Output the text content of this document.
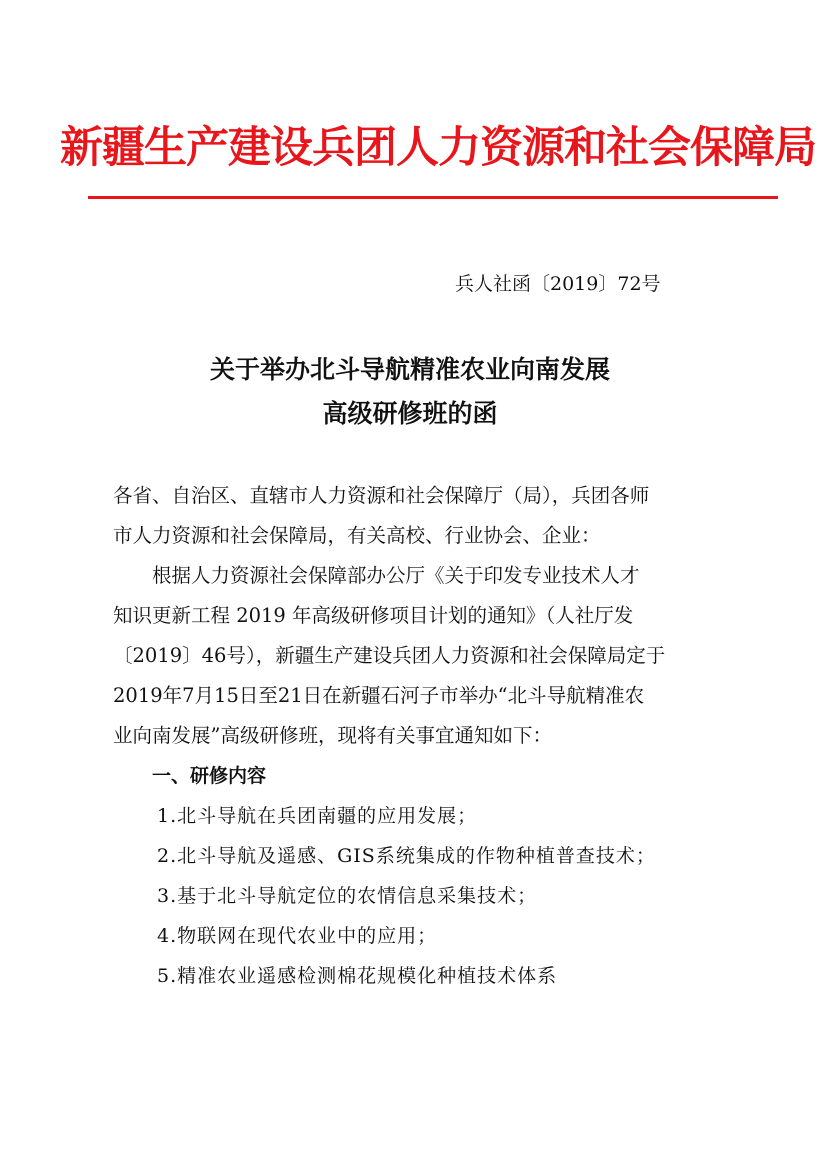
新疆生产建设兵团人力资源和社会保障局
兵人社函〔2019〕72号
关于举办北斗导航精准农业向南发展
高级研修班的函
各省、自治区、直辖市人力资源和社会保障厅（局），兵团各师
市人力资源和社会保障局，有关高校、行业协会、企业：
根据人力资源社会保障部办公厅《关于印发专业技术人才
知识更新工程 2019 年高级研修项目计划的通知》（人社厅发
〔2019〕46号），新疆生产建设兵团人力资源和社会保障局定于
2019年7月15日至21日在新疆石河子市举办“北斗导航精准农
业向南发展”高级研修班，现将有关事宜通知如下：
一、研修内容
1.北斗导航在兵团南疆的应用发展；
2.北斗导航及遥感、GIS系统集成的作物种植普查技术；
3.基于北斗导航定位的农情信息采集技术；
4.物联网在现代农业中的应用；
5.精准农业遥感检测棉花规模化种植技术体系
